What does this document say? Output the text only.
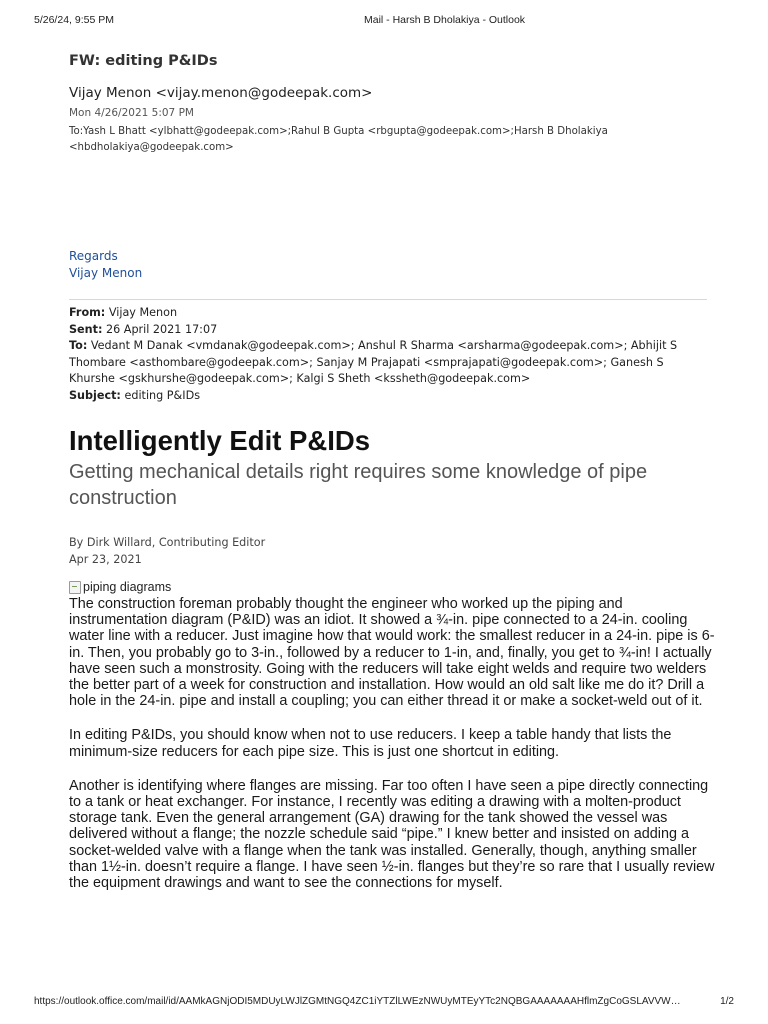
5/26/24, 9:55 PM	Mail - Harsh B Dholakiya - Outlook
FW: editing P&IDs
Vijay Menon <vijay.menon@godeepak.com>
Mon 4/26/2021 5:07 PM
To:Yash L Bhatt <ylbhatt@godeepak.com>;Rahul B Gupta <rbgupta@godeepak.com>;Harsh B Dholakiya <hbdholakiya@godeepak.com>
Regards
Vijay Menon
From: Vijay Menon
Sent: 26 April 2021 17:07
To: Vedant M Danak <vmdanak@godeepak.com>; Anshul R Sharma <arsharma@godeepak.com>; Abhijit S Thombare <asthombare@godeepak.com>; Sanjay M Prajapati <smprajapati@godeepak.com>; Ganesh S Khurshe <gskhurshe@godeepak.com>; Kalgi S Sheth <kssheth@godeepak.com>
Subject: editing P&IDs
Intelligently Edit P&IDs
Getting mechanical details right requires some knowledge of pipe construction
By Dirk Willard, Contributing Editor
Apr 23, 2021
piping diagrams

The construction foreman probably thought the engineer who worked up the piping and instrumentation diagram (P&ID) was an idiot. It showed a ¾-in. pipe connected to a 24-in. cooling water line with a reducer. Just imagine how that would work: the smallest reducer in a 24-in. pipe is 6-in. Then, you probably go to 3-in., followed by a reducer to 1-in, and, finally, you get to ¾-in! I actually have seen such a monstrosity. Going with the reducers will take eight welds and require two welders the better part of a week for construction and installation. How would an old salt like me do it? Drill a hole in the 24-in. pipe and install a coupling; you can either thread it or make a socket-weld out of it.

In editing P&IDs, you should know when not to use reducers. I keep a table handy that lists the minimum-size reducers for each pipe size. This is just one shortcut in editing.

Another is identifying where flanges are missing. Far too often I have seen a pipe directly connecting to a tank or heat exchanger. For instance, I recently was editing a drawing with a molten-product storage tank. Even the general arrangement (GA) drawing for the tank showed the vessel was delivered without a flange; the nozzle schedule said “pipe.” I knew better and insisted on adding a socket-welded valve with a flange when the tank was installed. Generally, though, anything smaller than 1½-in. doesn’t require a flange. I have seen ½-in. flanges but they’re so rare that I usually review the equipment drawings and want to see the connections for myself.

https://outlook.office.com/mail/id/AAMkAGNjODI5MDUyLWJlZGMtNGQ4ZC1iYTZlLWEzNWUyMTEyYTc2NQBGAAAAAAAHflmZgCoGSLAVVW…	1/2
